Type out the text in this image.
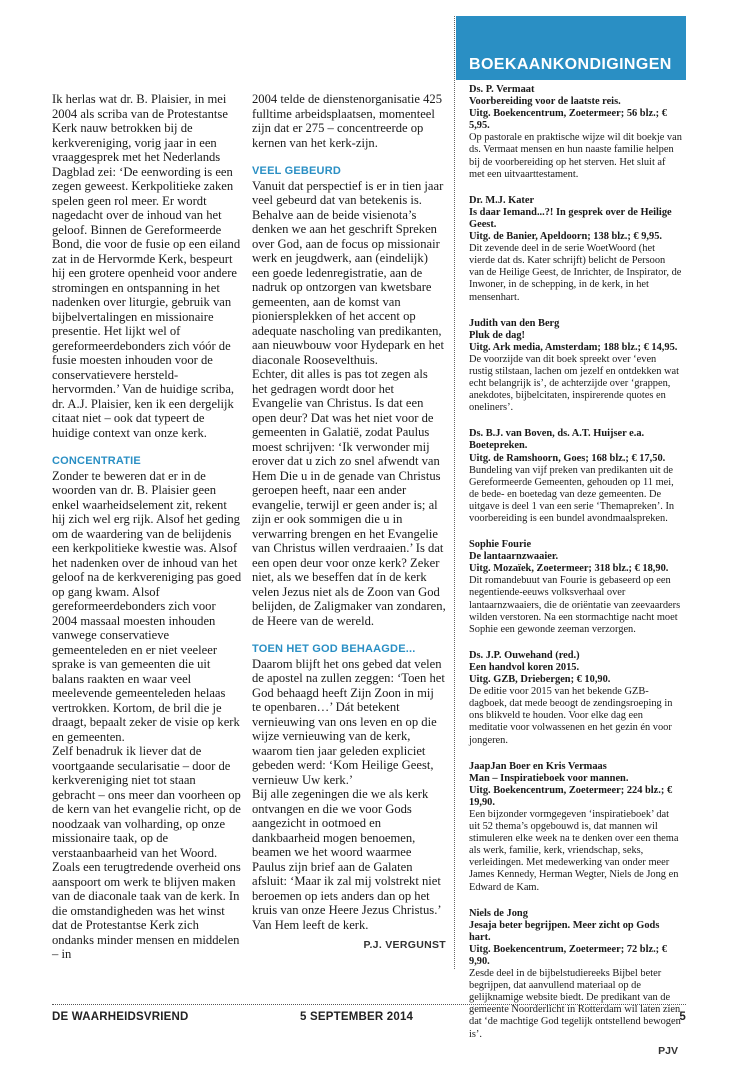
Ik herlas wat dr. B. Plaisier, in mei 2004 als scriba van de Protestantse Kerk nauw betrokken bij de kerkvereniging, vorig jaar in een vraaggesprek met het Nederlands Dagblad zei: ‘De eenwording is een zegen geweest. Kerkpolitieke zaken spelen geen rol meer. Er wordt nagedacht over de inhoud van het geloof. Binnen de Gereformeerde Bond, die voor de fusie op een eiland zat in de Hervormde Kerk, bespeurt hij een grotere openheid voor andere stromingen en ontspanning in het nadenken over liturgie, gebruik van bijbelvertalingen en missionaire presentie. Het lijkt wel of gereformeerdebonders zich vóór de fusie moesten inhouden voor de conservatievere hersteld-hervormden.’ Van de huidige scriba, dr. A.J. Plaisier, ken ik een dergelijk citaat niet – ook dat typeert de huidige context van onze kerk.

CONCENTRATIE

Zonder te beweren dat er in de woorden van dr. B. Plaisier geen enkel waarheidselement zit, rekent hij zich wel erg rijk. Alsof het geding om de waardering van de belijdenis een kerkpolitieke kwestie was. Alsof het nadenken over de inhoud van het geloof na de kerkvereniging pas goed op gang kwam. Alsof gereformeerdebonders zich voor 2004 massaal moesten inhouden vanwege conservatieve gemeenteleden en er niet veeleer sprake is van gemeenten die uit balans raakten en waar veel meelevende gemeenteleden helaas vertrokken. Kortom, de bril die je draagt, bepaalt zeker de visie op kerk en gemeenten.

Zelf benadruk ik liever dat de voortgaande secularisatie – door de kerkvereniging niet tot staan gebracht – ons meer dan voorheen op de kern van het evangelie richt, op de noodzaak van volharding, op onze missionaire taak, op de verstaanbaarheid van het Woord. Zoals een terugtredende overheid ons aanspoort om werk te blijven maken van de diaconale taak van de kerk. In die omstandigheden was het winst dat de Protestantse Kerk zich ondanks minder mensen en middelen – in

2004 telde de dienstenorganisatie 425 fulltime arbeidsplaatsen, momenteel zijn dat er 275 – concentreerde op kernen van het kerk-zijn.

VEEL GEBEURD

Vanuit dat perspectief is er in tien jaar veel gebeurd dat van betekenis is. Behalve aan de beide visienota’s denken we aan het geschrift Spreken over God, aan de focus op missionair werk en jeugdwerk, aan (eindelijk) een goede ledenregistratie, aan de nadruk op ontzorgen van kwetsbare gemeenten, aan de komst van pioniersplekken of het accent op adequate nascholing van predikanten, aan nieuwbouw voor Hydepark en het diaconale Roosevelthuis.

Echter, dit alles is pas tot zegen als het gedragen wordt door het Evangelie van Christus. Is dat een open deur? Dat was het niet voor de gemeenten in Galatië, zodat Paulus moest schrijven: ‘Ik verwonder mij erover dat u zich zo snel afwendt van Hem Die u in de genade van Christus geroepen heeft, naar een ander evangelie, terwijl er geen ander is; al zijn er ook sommigen die u in verwarring brengen en het Evangelie van Christus willen verdraaien.’ Is dat een open deur voor onze kerk? Zeker niet, als we beseffen dat ín de kerk velen Jezus niet als de Zoon van God belijden, de Zaligmaker van zondaren, de Heere van de wereld.

TOEN HET GOD BEHAAGDE...

Daarom blijft het ons gebed dat velen de apostel na zullen zeggen: ‘Toen het God behaagd heeft Zijn Zoon in mij te openbaren…’ Dát betekent vernieuwing van ons leven en op die wijze vernieuwing van de kerk, waarom tien jaar geleden expliciet gebeden werd: ‘Kom Heilige Geest, vernieuw Uw kerk.’

Bij alle zegeningen die we als kerk ontvangen en die we voor Gods aangezicht in ootmoed en dankbaarheid mogen benoemen, beamen we het woord waarmee Paulus zijn brief aan de Galaten afsluit: ‘Maar ik zal mij volstrekt niet beroemen op iets anders dan op het kruis van onze Heere Jezus Christus.’ Van Hem leeft de kerk.

P.J. VERGUNST
BOEKAANKONDIGINGEN
Ds. P. Vermaat
Voorbereiding voor de laatste reis.
Uitg. Boekencentrum, Zoetermeer; 56 blz.; € 5,95.
Op pastorale en praktische wijze wil dit boekje van ds. Vermaat mensen en hun naaste familie helpen bij de voorbereiding op het sterven. Het sluit af met een uitvaarttestament.
Dr. M.J. Kater
Is daar Iemand...?! In gesprek over de Heilige Geest.
Uitg. de Banier, Apeldoorn; 138 blz.; € 9,95.
Dit zevende deel in de serie WoetWoord (het vierde dat ds. Kater schrijft) belicht de Persoon van de Heilige Geest, de Inrichter, de Inspirator, de Inwoner, in de schepping, in de kerk, in het mensenhart.
Judith van den Berg
Pluk de dag!
Uitg. Ark media, Amsterdam; 188 blz.; € 14,95.
De voorzijde van dit boek spreekt over ‘even rustig stilstaan, lachen om jezelf en ontdekken wat echt belangrijk is’, de achterzijde over ‘grappen, anekdotes, bijbelcitaten, inspirerende quotes en oneliners’.
Ds. B.J. van Boven, ds. A.T. Huijser e.a.
Boetepreken.
Uitg. de Ramshoorn, Goes; 168 blz.; € 17,50.
Bundeling van vijf preken van predikanten uit de Gereformeerde Gemeenten, gehouden op 11 mei, de bede- en boetedag van deze gemeenten. De uitgave is deel 1 van een serie ‘Themapreken’. In voorbereiding is een bundel avondmaalspreken.
Sophie Fourie
De lantaarnzwaaier.
Uitg. Mozaïek, Zoetermeer; 318 blz.; € 18,90.
Dit romandebuut van Fourie is gebaseerd op een negentiende-eeuws volksverhaal over lantaarnzwaaiers, die de oriëntatie van zeevaarders wilden verstoren. Na een stormachtige nacht moet Sophie een gewonde zeeman verzorgen.
Ds. J.P. Ouwehand (red.)
Een handvol koren 2015.
Uitg. GZB, Driebergen; € 10,90.
De editie voor 2015 van het bekende GZB-dagboek, dat mede beoogt de zendingsroeping in ons blikveld te houden. Voor elke dag een meditatie voor volwassenen en het gezin én voor jongeren.
JaapJan Boer en Kris Vermaas
Man – Inspiratieboek voor mannen.
Uitg. Boekencentrum, Zoetermeer; 224 blz.; € 19,90.
Een bijzonder vormgegeven ‘inspiratieboek’ dat uit 52 thema’s opgebouwd is, dat mannen wil stimuleren elke week na te denken over een thema als werk, familie, kerk, vriendschap, seks, verleidingen. Met medewerking van onder meer James Kennedy, Herman Wegter, Niels de Jong en Edward de Kam.
Niels de Jong
Jesaja beter begrijpen. Meer zicht op Gods hart.
Uitg. Boekencentrum, Zoetermeer; 72 blz.; € 9,90.
Zesde deel in de bijbelstudiereeks Bijbel beter begrijpen, dat aanvullend materiaal op de gelijknamige website biedt. De predikant van de gemeente Noorderlicht in Rotterdam wil laten zien dat ‘de machtige God tegelijk ontstellend bewogen is’.
PJV
DE WAARHEIDSVRIEND	5 SEPTEMBER 2014	5
